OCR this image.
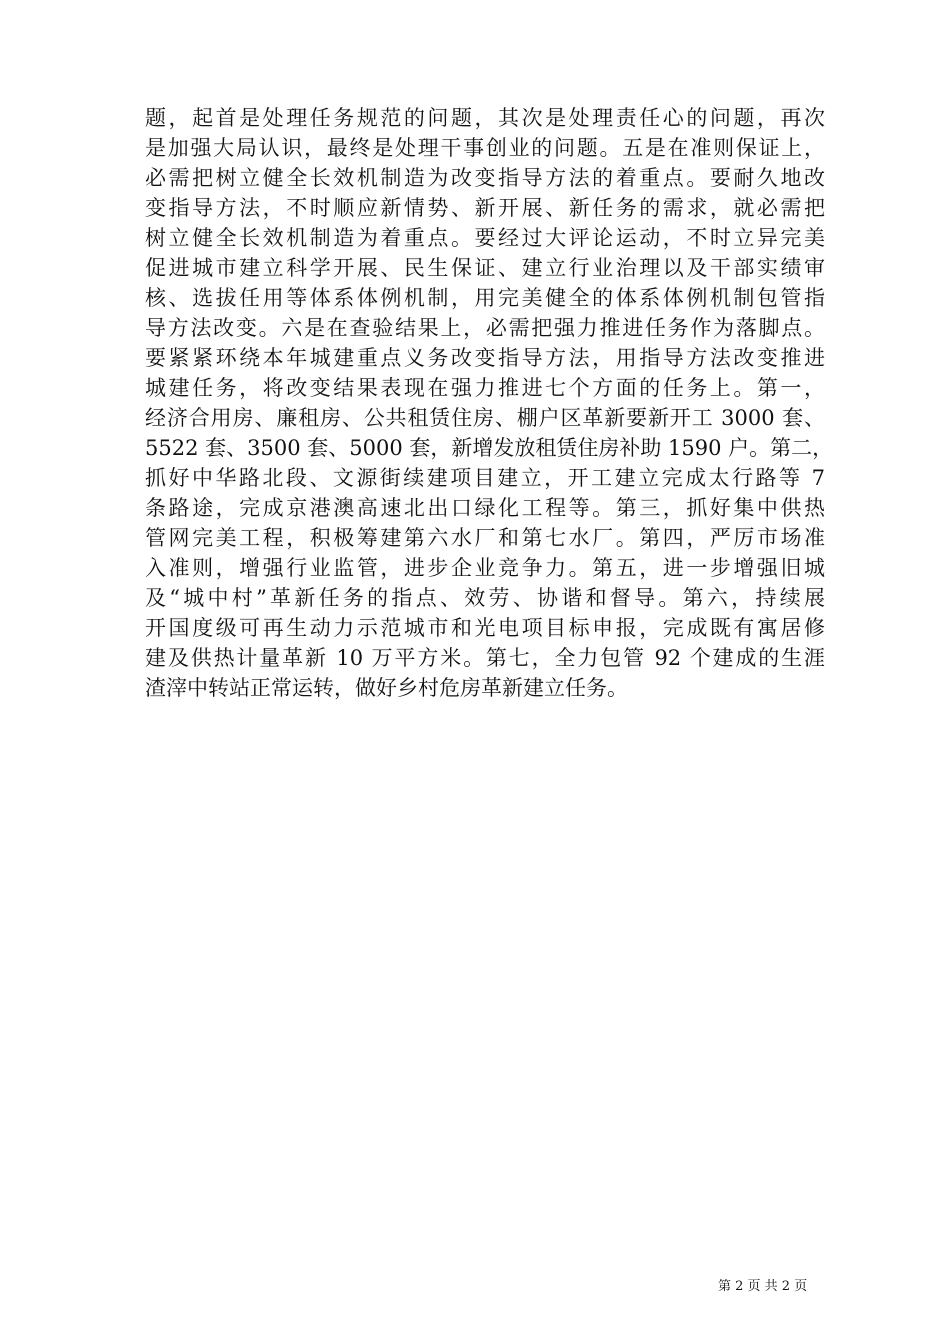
题，起首是处理任务规范的问题，其次是处理责任心的问题，再次
是加强大局认识，最终是处理干事创业的问题。五是在准则保证上，
必需把树立健全长效机制造为改变指导方法的着重点。要耐久地改
变指导方法，不时顺应新情势、新开展、新任务的需求，就必需把
树立健全长效机制造为着重点。要经过大评论运动，不时立异完美
促进城市建立科学开展、民生保证、建立行业治理以及干部实绩审
核、选拔任用等体系体例机制，用完美健全的体系体例机制包管指
导方法改变。六是在查验结果上，必需把强力推进任务作为落脚点。
要紧紧环绕本年城建重点义务改变指导方法，用指导方法改变推进
城建任务，将改变结果表现在强力推进七个方面的任务上。第一，
经济合用房、廉租房、公共租赁住房、棚户区革新要新开工 3000 套、
5522 套、3500 套、5000 套，新增发放租赁住房补助 1590 户。第二，
抓好中华路北段、文源街续建项目建立，开工建立完成太行路等 7
条路途，完成京港澳高速北出口绿化工程等。第三，抓好集中供热
管网完美工程，积极筹建第六水厂和第七水厂。第四，严厉市场准
入准则，增强行业监管，进步企业竞争力。第五，进一步增强旧城
及“城中村”革新任务的指点、效劳、协谐和督导。第六，持续展
开国度级可再生动力示范城市和光电项目标申报，完成既有寓居修
建及供热计量革新 10 万平方米。第七，全力包管 92 个建成的生涯
渣滓中转站正常运转，做好乡村危房革新建立任务。
第 2 页 共 2 页
